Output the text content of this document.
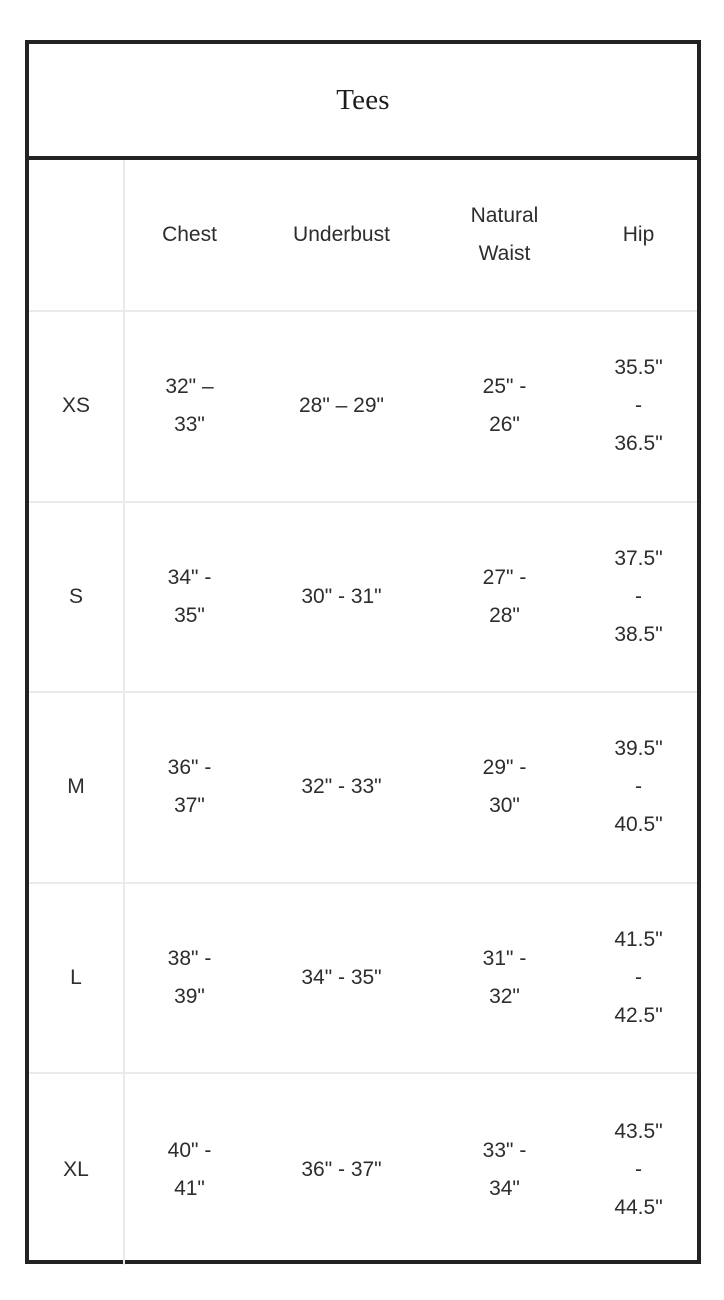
Tees
Chest	Underbust
Natural
Waist
Hip
XS
32" –
33"
28" – 29"
25" -
26"
35.5"
-
36.5"
S
34" -
35"
30" - 31"
27" -
28"
37.5"
-
38.5"
M
36" -
37"
32" - 33"
29" -
30"
39.5"
-
40.5"
L
38" -
39"
34" - 35"
31" -
32"
41.5"
-
42.5"
XL
40" -
41"
36" - 37"
33" -
34"
43.5"
-
44.5"
